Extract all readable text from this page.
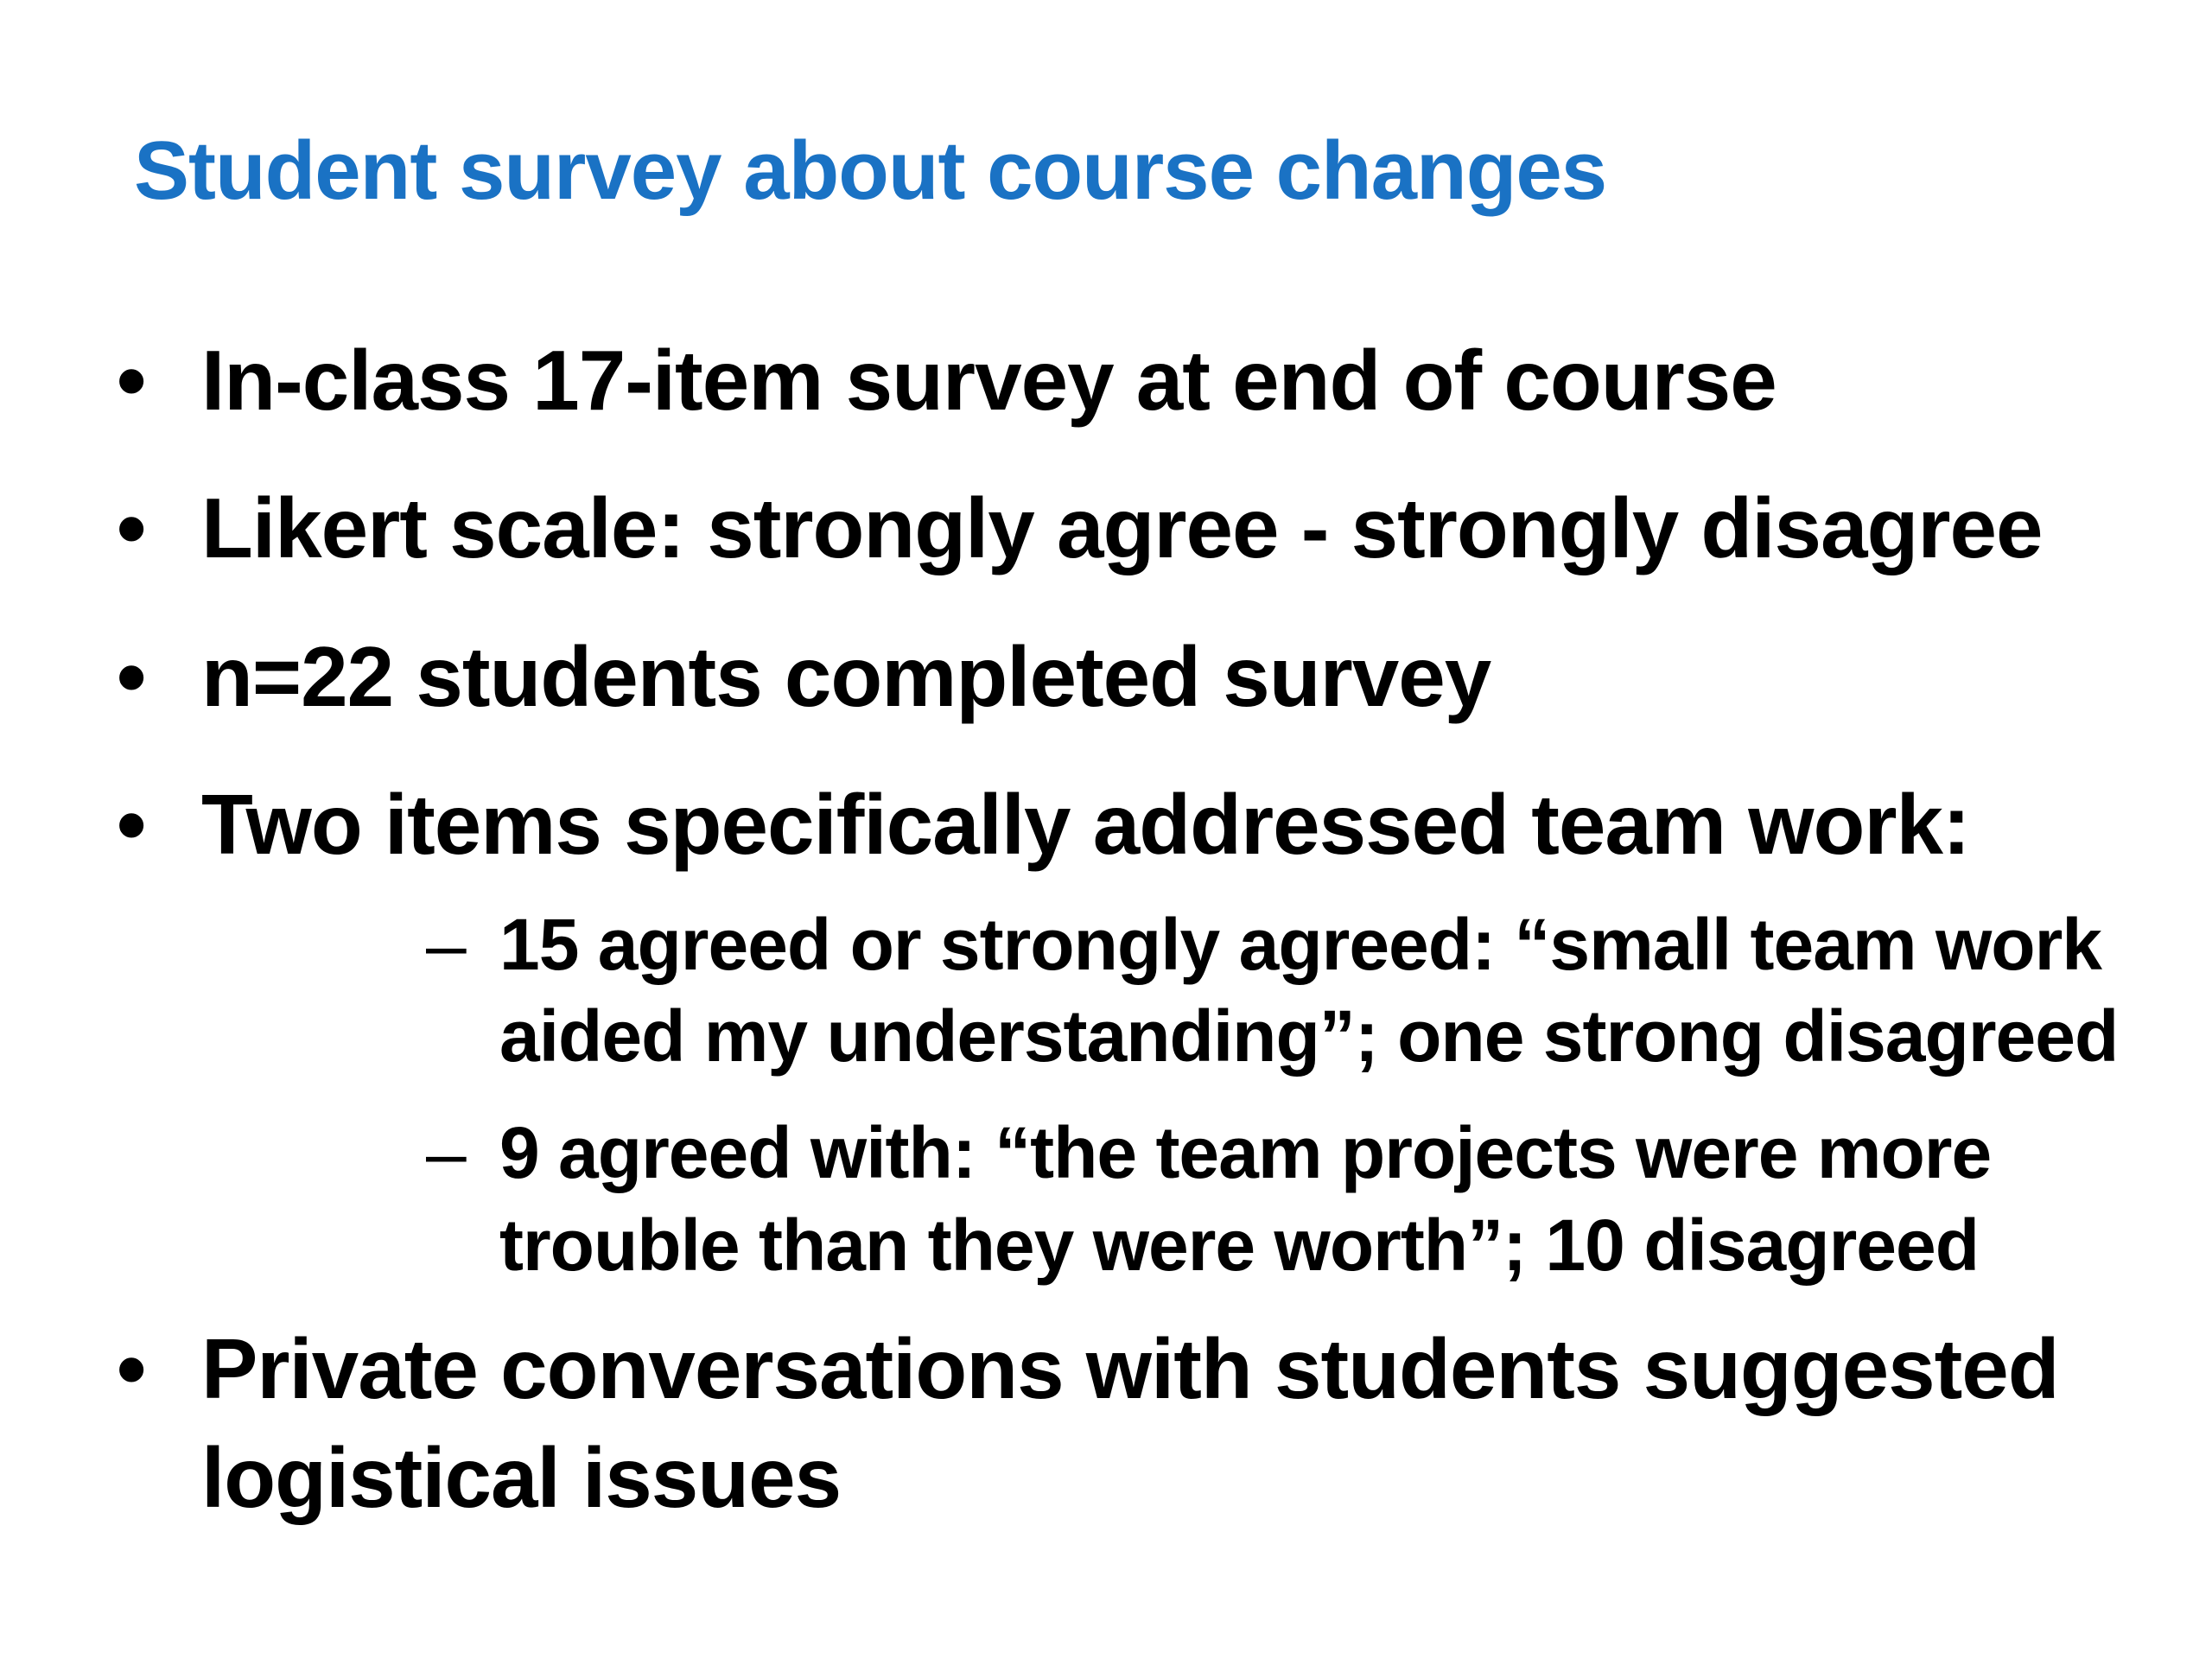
Student survey about course changes
• In-class 17-item survey at end of course
• Likert scale: strongly agree - strongly disagree
• n=22 students completed survey
• Two items specifically addressed team work:
– 15 agreed or strongly agreed: “small team work aided my understanding”; one strong disagreed
– 9 agreed with: “the team projects were more trouble than they were worth”; 10 disagreed
• Private conversations with students suggested logistical issues
